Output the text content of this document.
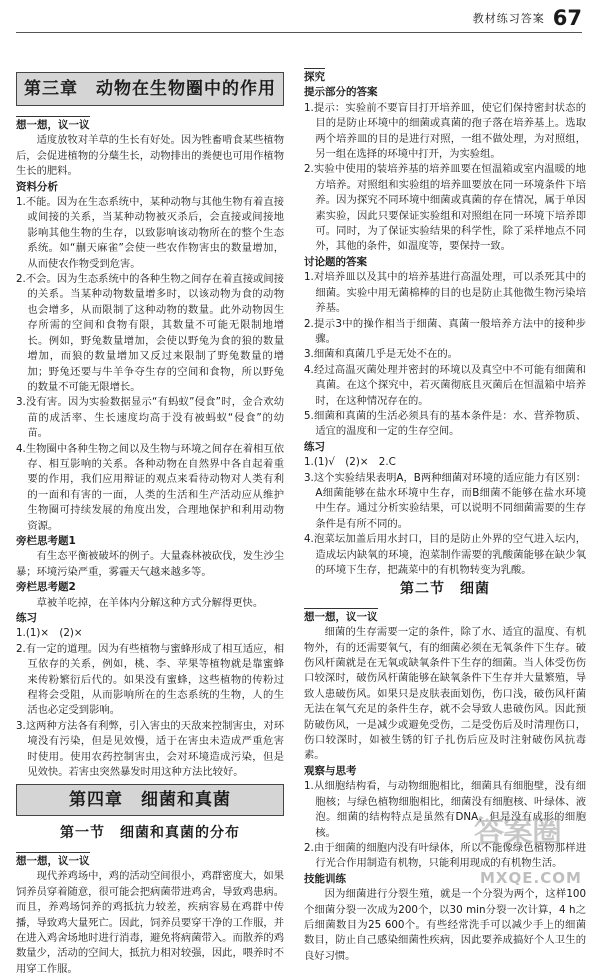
教材练习答案 67
第三章　动物在生物圈中的作用

想一想，议一议

适度放牧对羊草的生长有好处。因为牲畜啃食某些植物后，会促进植物的分蘖生长，动物排出的粪便也可用作植物生长的肥料。

资料分析

1.不能。因为在生态系统中，某种动物与其他生物有着直接或间接的关系，当某种动物被灭杀后，会直接或间接地影响其他生物的生存，以致影响该动物所在的整个生态系统。如“蒯天麻雀”会使一些农作物害虫的数量增加，从而使农作物受到危害。

2.不会。因为生态系统中的各种生物之间存在着直接或间接的关系。当某种动物数量增多时，以该动物为食的动物也会增多，从而限制了这种动物的数量。此外动物因生存所需的空间和食物有限，其数量不可能无限制地增长。例如，野兔数量增加，会使以野兔为食的狼的数量增加，而狼的数量增加又反过来限制了野兔数量的增加；野兔还要与牛羊争夺生存的空间和食物，所以野兔的数量不可能无限增长。

3.没有害。因为实验数据显示“有蚂蚁”侵食”时，金合欢幼苗的成活率、生长速度均高于没有被蚂蚁“侵食”的幼苗。

4.生物圈中各种生物之间以及生物与环境之间存在着相互依存、相互影响的关系。各种动物在自然界中各自起着重要的作用，我们应用辩证的观点来看待动物对人类有利的一面和有害的一面，人类的生活和生产活动应从维护生物圈可持续发展的角度出发，合理地保护和利用动物资源。

旁栏思考题1

有生态平衡被破坏的例子。大量森林被砍伐，发生沙尘暴；环境污染严重，雾霾天气越来越多等。

旁栏思考题2

草被羊吃掉，在羊体内分解这种方式分解得更快。

练习

1.(1)×　(2)×

2.有一定的道理。因为有些植物与蜜蜂形成了相互适应，相互依存的关系，例如，桃、李、苹果等植物就是靠蜜蜂来传粉繁衍后代的。如果没有蜜蜂，这些植物的传粉过程将会受阻，从而影响所在的生态系统的生物，人的生活也必定受到影响。

3.这两种方法各有利弊，引入害虫的天敌来控制害虫，对环境没有污染，但是见效慢，适于在害虫未造成严重危害时使用。使用农药控制害虫，会对环境造成污染，但是见效快。若害虫突然暴发时用这种方法比较好。

第四章　细菌和真菌
第一节　细菌和真菌的分布

想一想，议一议

现代养鸡场中，鸡的活动空间很小，鸡群密度大，如果饲养员穿着随意，很可能会把病菌带进鸡舍，导致鸡患病。而且，养鸡场饲养的鸡抵抗力较差，疾病容易在鸡群中传播，导致鸡大量死亡。因此，饲养员要穿干净的工作服，并在进入鸡舍场地时进行消毒，避免将病菌带入。而散养的鸡数量少，活动的空间大，抵抗力相对较强，因此，喂养时不用穿工作服。

探究

提示部分的答案

1.提示：实验前不要盲目打开培养皿，使它们保持密封状态的目的是防止环境中的细菌或真菌的孢子落在培养基上。选取两个培养皿的目的是进行对照，一组不做处理，为对照组，另一组在选择的环境中打开，为实验组。

2.实验中使用的装培养基的培养皿要在恒温箱或室内温暖的地方培养。对照组和实验组的培养皿要放在同一环境条件下培养。因为探究不同环境中细菌或真菌的存在情况，属于单因素实验，因此只要保证实验组和对照组在同一环境下培养即可。同时，为了保证实验结果的科学性，除了采样地点不同外，其他的条件，如温度等，要保持一致。

讨论题的答案

1.对培养皿以及其中的培养基进行高温处理，可以杀死其中的细菌。实验中用无菌棉棒的目的也是防止其他微生物污染培养基。

2.提示3中的操作相当于细菌、真菌一般培养方法中的接种步骤。

3.细菌和真菌几乎是无处不在的。

4.经过高温灭菌处理并密封的环境以及真空中不可能有细菌和真菌。在这个探究中，若灭菌彻底且灭菌后在恒温箱中培养时，在这种情况存在的。

5.细菌和真菌的生活必须具有的基本条件是：水、营养物质、适宜的温度和一定的生存空间。

练习

1.(1)√　(2)×　2.C

3.这个实验结果表明A，B两种细菌对环境的适应能力有区别：A细菌能够在盐水环境中生存，而B细菌不能够在盐水环境中生存。通过分析实验结果，可以说明不同细菌需要的生存条件是有所不同的。

4.泡菜坛加盖后用水封口，目的是防止外界的空气进入坛内，造成坛内缺氧的环境，泡菜制作需要的乳酸菌能够在缺少氧的环境下生存，把蔬菜中的有机物转变为乳酸。

第二节　细菌

想一想，议一议

细菌的生存需要一定的条件，除了水、适宜的温度、有机物外，有的还需要氧气，有的细菌必须在无氧条件下生存。破伤风杆菌就是在无氧或缺氧条件下生存的细菌。当人体受伤伤口较深时，破伤风杆菌能够在缺氧条件下生存并大量繁殖，导致人患破伤风。如果只是皮肤表面划伤，伤口浅，破伤风杆菌无法在氧气充足的条件生存，就不会导致人患破伤风。因此预防破伤风，一是减少或避免受伤，二是受伤后及时清理伤口，伤口较深时，如被生锈的钉子扎伤后应及时注射破伤风抗毒素。

观察与思考

1.从细胞结构看，与动物细胞相比，细菌具有细胞壁，没有细胞核；与绿色植物细胞相比，细菌没有细胞核、叶绿体、液泡。细菌的结构特点是虽然有DNA，但是没有成形的细胞核。

2.由于细菌的细胞内没有叶绿体，所以不能像绿色植物那样进行光合作用制造有机物，只能利用现成的有机物生活。

技能训练

因为细菌进行分裂生殖，就是一个分裂为两个，这样100个细菌分裂一次成为200个，以30 min分裂一次计算，4 h之后细菌数目为25 600个。有些经常洗手可以减少手上的细菌数目，防止自己感染细菌性疾病，因此要养成搞好个人卫生的良好习惯。

答案圈
MXQE.COM
